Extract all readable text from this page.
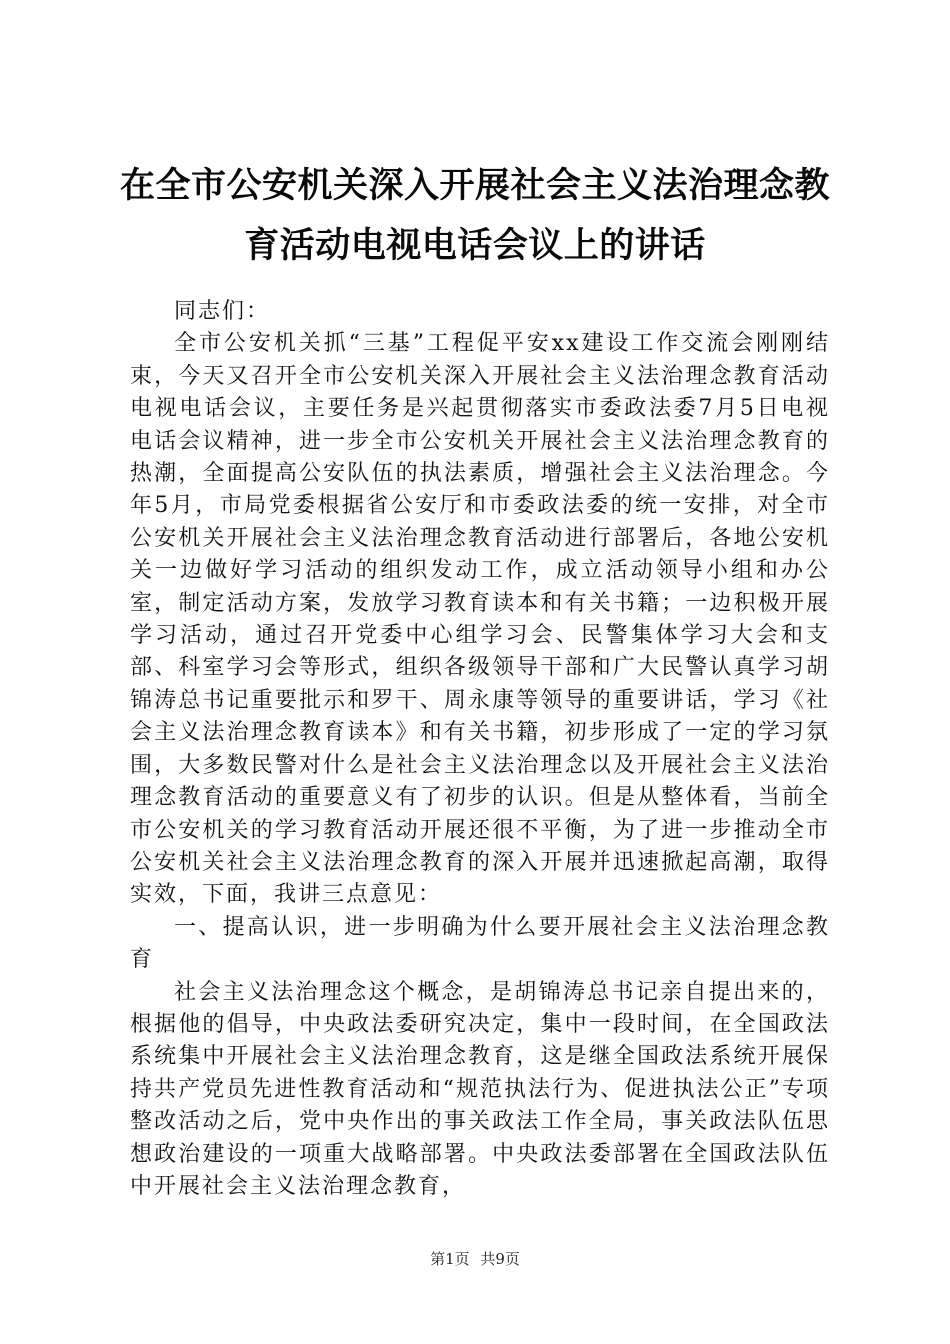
在全市公安机关深入开展社会主义法治理念教
育活动电视电话会议上的讲话

同志们：

全市公安机关抓“三基”工程促平安xx建设工作交流会刚刚结束，今天又召开全市公安机关深入开展社会主义法治理念教育活动电视电话会议，主要任务是兴起贯彻落实市委政法委7月5日电视电话会议精神，进一步全市公安机关开展社会主义法治理念教育的热潮，全面提高公安队伍的执法素质，增强社会主义法治理念。今年5月，市局党委根据省公安厅和市委政法委的统一安排，对全市公安机关开展社会主义法治理念教育活动进行部署后，各地公安机关一边做好学习活动的组织发动工作，成立活动领导小组和办公室，制定活动方案，发放学习教育读本和有关书籍；一边积极开展学习活动，通过召开党委中心组学习会、民警集体学习大会和支部、科室学习会等形式，组织各级领导干部和广大民警认真学习胡锦涛总书记重要批示和罗干、周永康等领导的重要讲话，学习《社会主义法治理念教育读本》和有关书籍，初步形成了一定的学习氛围，大多数民警对什么是社会主义法治理念以及开展社会主义法治理念教育活动的重要意义有了初步的认识。但是从整体看，当前全市公安机关的学习教育活动开展还很不平衡，为了进一步推动全市公安机关社会主义法治理念教育的深入开展并迅速掀起高潮，取得实效，下面，我讲三点意见：

一、提高认识，进一步明确为什么要开展社会主义法治理念教育

社会主义法治理念这个概念，是胡锦涛总书记亲自提出来的，根据他的倡导，中央政法委研究决定，集中一段时间，在全国政法系统集中开展社会主义法治理念教育，这是继全国政法系统开展保持共产党员先进性教育活动和“规范执法行为、促进执法公正”专项整改活动之后，党中央作出的事关政法工作全局，事关政法队伍思想政治建设的一项重大战略部署。中央政法委部署在全国政法队伍中开展社会主义法治理念教育，

第1页 共9页
